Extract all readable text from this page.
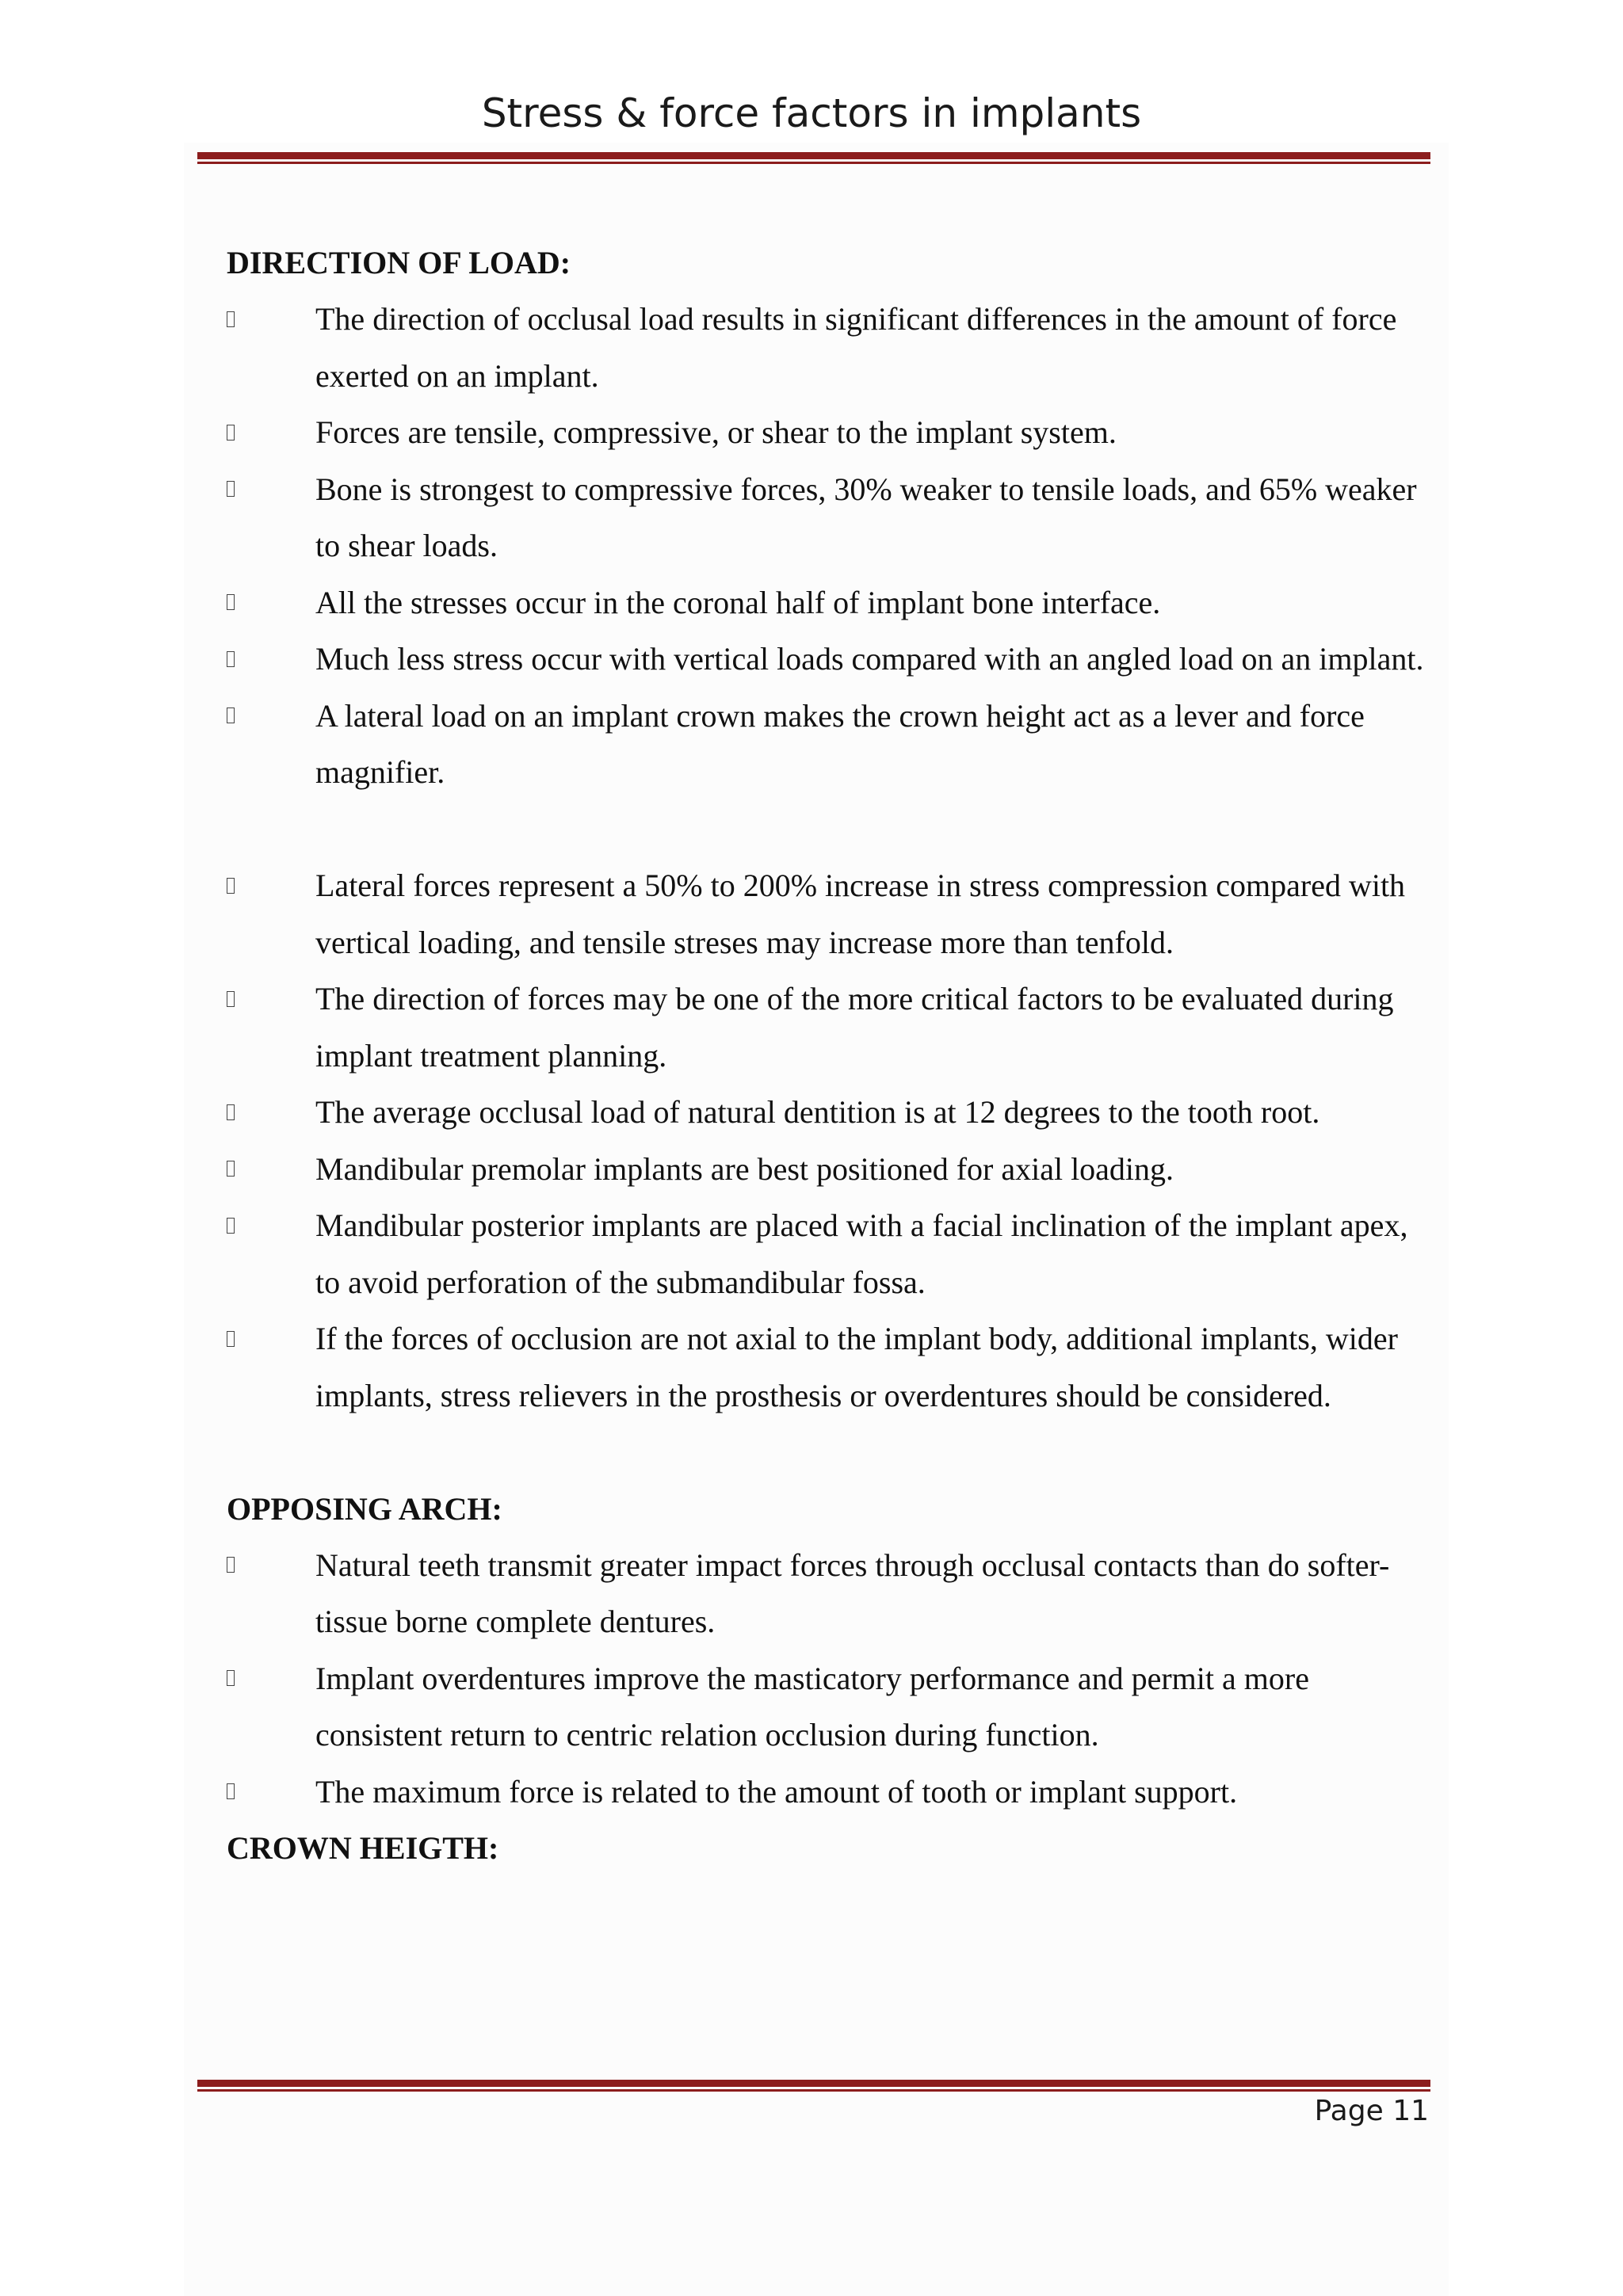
Stress & force factors in implants
DIRECTION OF LOAD:
The direction of occlusal load results in significant differences in the amount of force exerted on an implant.
Forces are tensile, compressive, or shear to the implant system.
Bone is strongest to compressive forces, 30% weaker to tensile loads, and 65% weaker to shear loads.
All the stresses occur in the coronal half of implant bone interface.
Much less stress occur with vertical loads compared with an angled load on an implant.
A lateral load on an implant crown makes the crown height act as a lever and force magnifier.
Lateral forces represent a 50% to 200% increase in stress compression compared with vertical loading, and tensile streses may increase more than tenfold.
The direction of forces may be one of the more critical factors to be evaluated during implant treatment planning.
The average occlusal load of natural dentition is at 12 degrees to the tooth root.
Mandibular premolar implants are best positioned for axial loading.
Mandibular posterior implants are placed with a facial inclination of the implant apex, to avoid perforation of the submandibular fossa.
If the forces of occlusion are not axial to the implant body, additional implants, wider implants, stress relievers in the prosthesis or overdentures should be considered.
OPPOSING ARCH:
Natural teeth transmit greater impact forces through occlusal contacts than do softer-tissue borne complete dentures.
Implant overdentures improve the masticatory performance and permit a more consistent return to centric relation occlusion during function.
The maximum force is related to the amount of tooth or implant support.
CROWN HEIGTH:
Page 11
